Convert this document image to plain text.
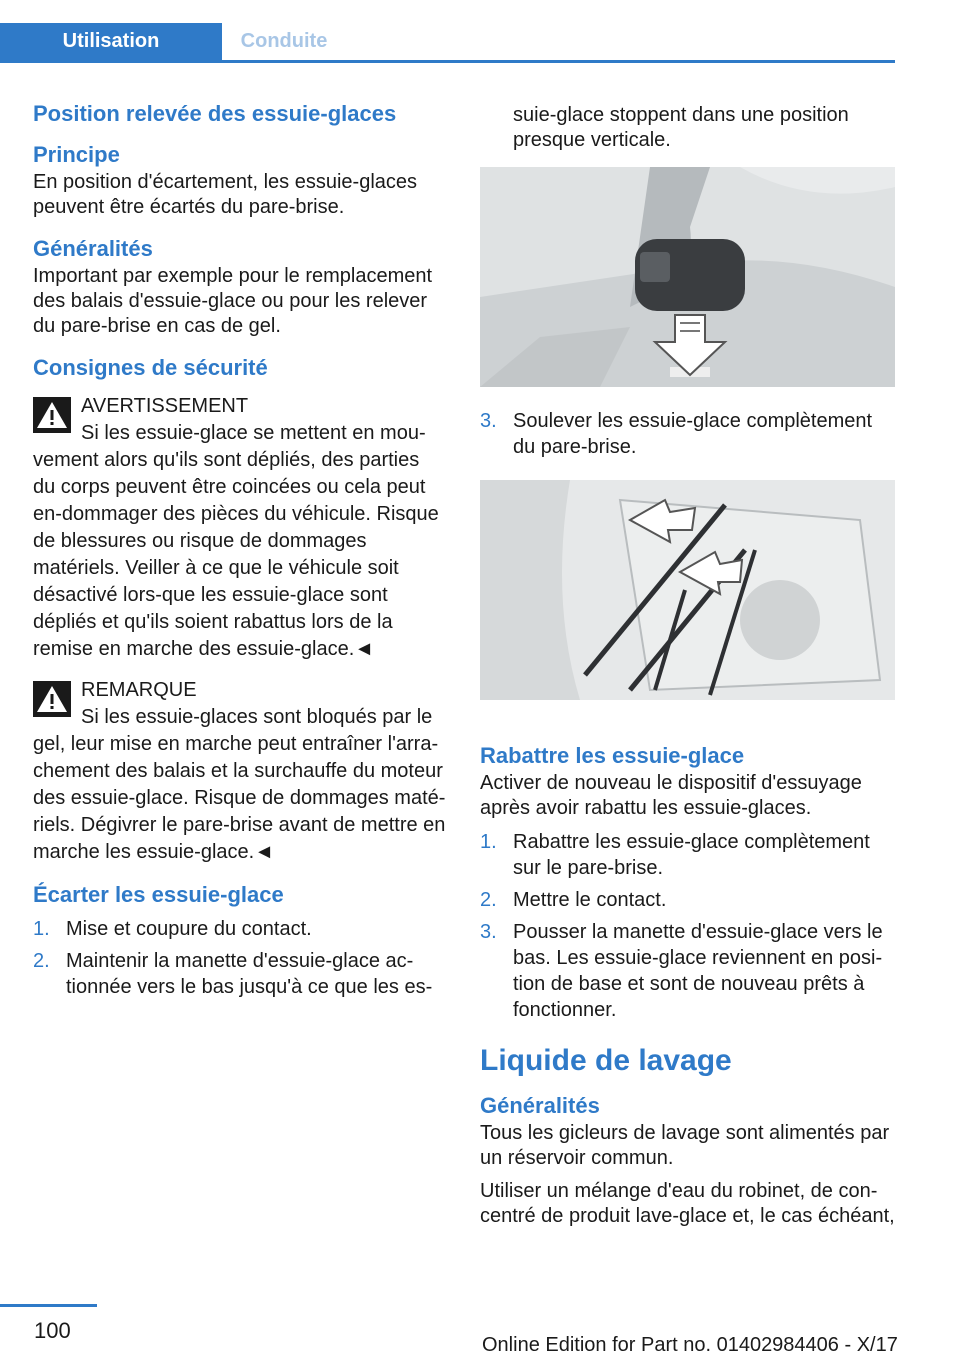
Utilisation	Conduite
Position relevée des essuie-glaces
Principe

En position d'écartement, les essuie-glaces peuvent être écartés du pare-brise.

Généralités

Important par exemple pour le remplacement des balais d'essuie-glace ou pour les relever du pare-brise en cas de gel.

Consignes de sécurité
AVERTISSEMENT
Si les essuie-glace se mettent en mou-
vement alors qu'ils sont dépliés, des parties du corps peuvent être coincées ou cela peut en-dommager des pièces du véhicule. Risque de blessures ou risque de dommages matériels. Veiller à ce que le véhicule soit désactivé lors-que les essuie-glace sont dépliés et qu'ils soient rabattus lors de la remise en marche des essuie-glace.◄
REMARQUE
Si les essuie-glaces sont bloqués par le
gel, leur mise en marche peut entraîner l'arra-chement des balais et la surchauffe du moteur des essuie-glace. Risque de dommages maté-riels. Dégivrer le pare-brise avant de mettre en marche les essuie-glace.◄
Écarter les essuie-glace
1. Mise et coupure du contact.
2. Maintenir la manette d'essuie-glace ac-tionnée vers le bas jusqu'à ce que les es-

suie-glace stoppent dans une position presque verticale.

3. Soulever les essuie-glace complètement du pare-brise.
Rabattre les essuie-glace

Activer de nouveau le dispositif d'essuyage après avoir rabattu les essuie-glaces.

1. Rabattre les essuie-glace complètement sur le pare-brise.
2. Mettre le contact.
3. Pousser la manette d'essuie-glace vers le bas. Les essuie-glace reviennent en posi-tion de base et sont de nouveau prêts à fonctionner.
Liquide de lavage
Généralités

Tous les gicleurs de lavage sont alimentés par un réservoir commun.

Utiliser un mélange d'eau du robinet, de con-centré de produit lave-glace et, le cas échéant,

100
Online Edition for Part no. 01402984406 - X/17
